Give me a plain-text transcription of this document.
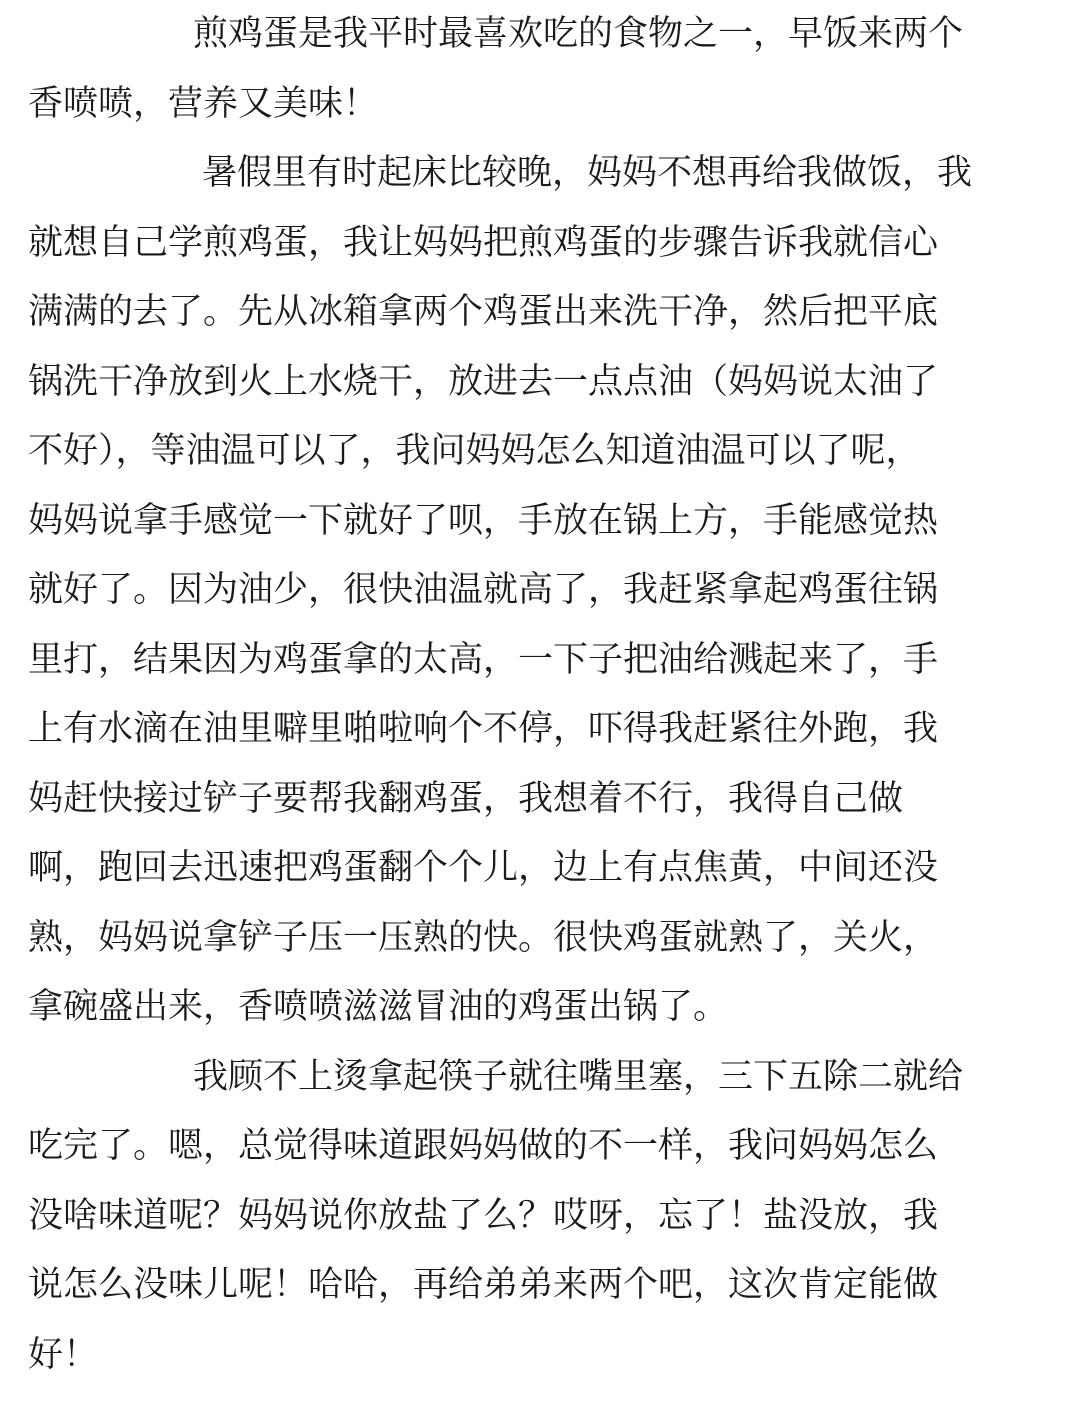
煎鸡蛋是我平时最喜欢吃的食物之一，早饭来两个
香喷喷，营养又美味！
暑假里有时起床比较晚，妈妈不想再给我做饭，我
就想自己学煎鸡蛋，我让妈妈把煎鸡蛋的步骤告诉我就信心
满满的去了。先从冰箱拿两个鸡蛋出来洗干净，然后把平底
锅洗干净放到火上水烧干，放进去一点点油（妈妈说太油了
不好），等油温可以了，我问妈妈怎么知道油温可以了呢，
妈妈说拿手感觉一下就好了呗，手放在锅上方，手能感觉热
就好了。因为油少，很快油温就高了，我赶紧拿起鸡蛋往锅
里打，结果因为鸡蛋拿的太高，一下子把油给溅起来了，手
上有水滴在油里噼里啪啦响个不停，吓得我赶紧往外跑，我
妈赶快接过铲子要帮我翻鸡蛋，我想着不行，我得自己做
啊，跑回去迅速把鸡蛋翻个个儿，边上有点焦黄，中间还没
熟，妈妈说拿铲子压一压熟的快。很快鸡蛋就熟了，关火，
拿碗盛出来，香喷喷滋滋冒油的鸡蛋出锅了。
我顾不上烫拿起筷子就往嘴里塞，三下五除二就给
吃完了。嗯，总觉得味道跟妈妈做的不一样，我问妈妈怎么
没啥味道呢？妈妈说你放盐了么？哎呀，忘了！盐没放，我
说怎么没味儿呢！哈哈，再给弟弟来两个吧，这次肯定能做
好！
